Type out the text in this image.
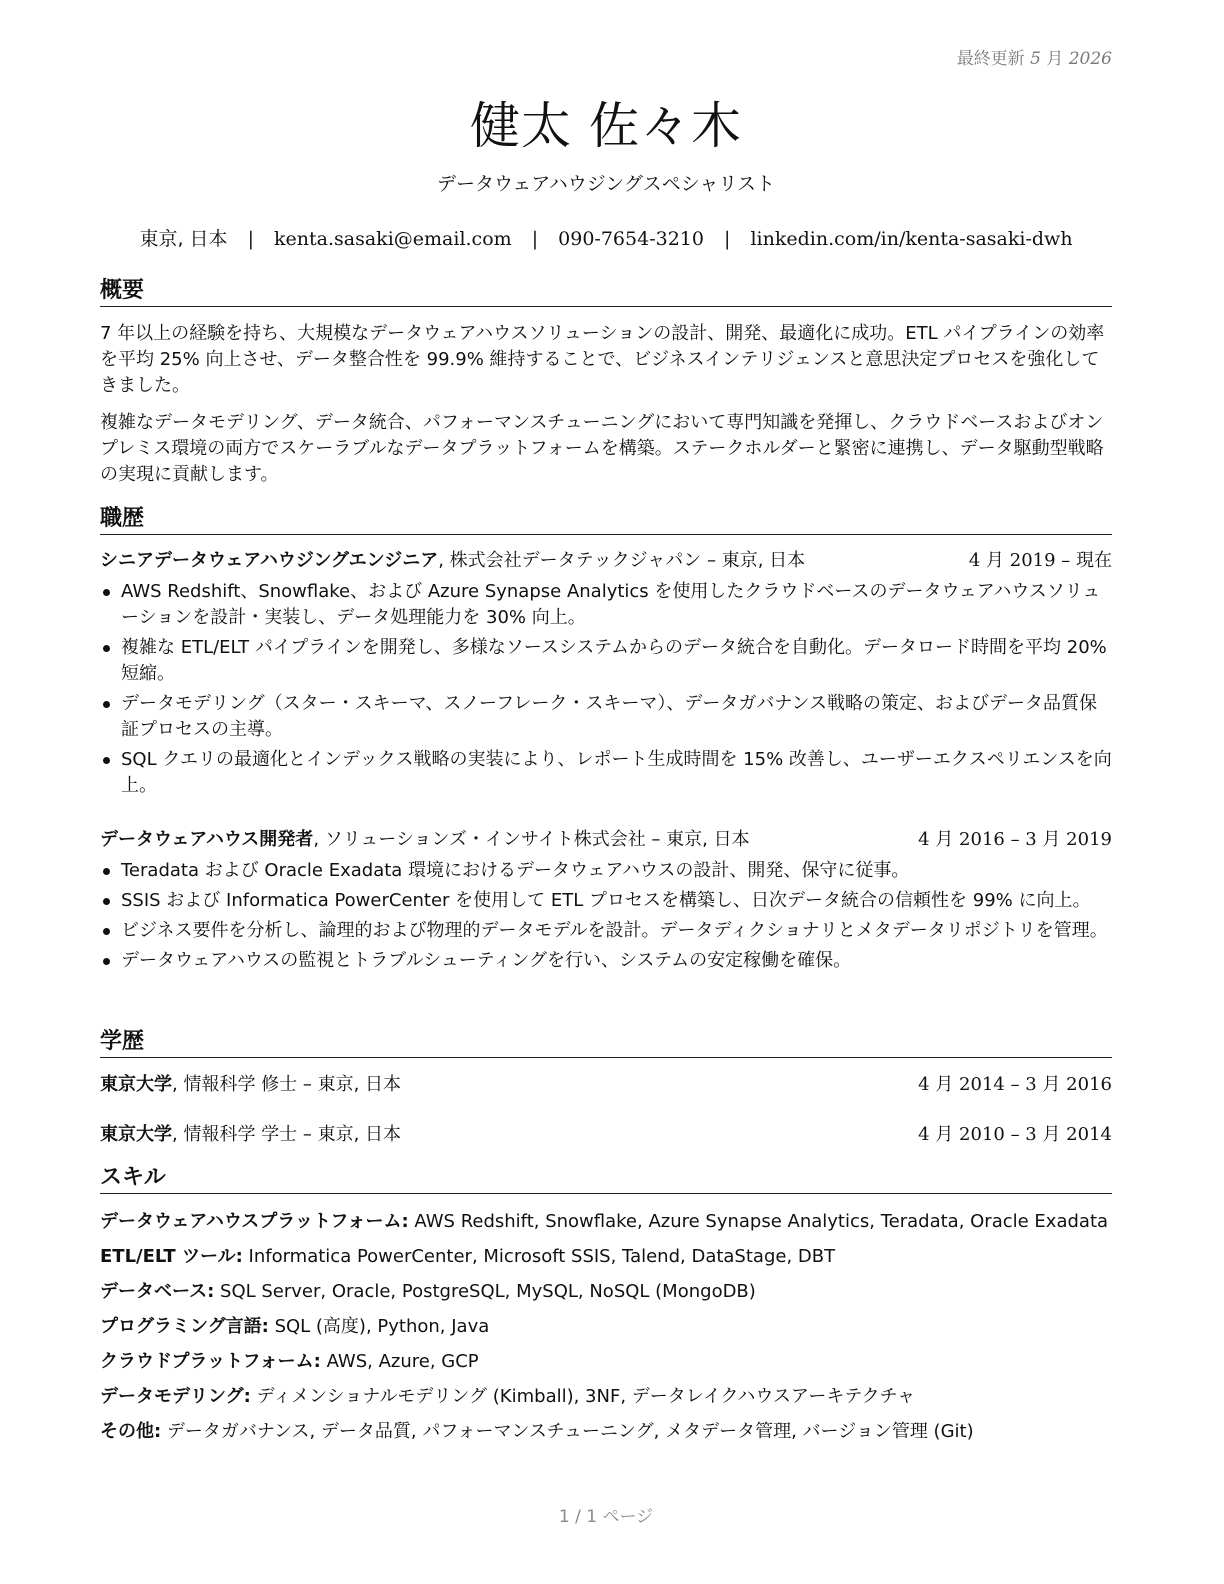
最終更新 5 月 2026
健太 佐々木
データウェアハウジングスペシャリスト
東京, 日本 | kenta.sasaki@email.com | 090-7654-3210 | linkedin.com/in/kenta-sasaki-dwh
概要
7 年以上の経験を持ち、大規模なデータウェアハウスソリューションの設計、開発、最適化に成功。ETL パイプラインの効率を平均 25% 向上させ、データ整合性を 99.9% 維持することで、ビジネスインテリジェンスと意思決定プロセスを強化してきました。
複雑なデータモデリング、データ統合、パフォーマンスチューニングにおいて専門知識を発揮し、クラウドベースおよびオンプレミス環境の両方でスケーラブルなデータプラットフォームを構築。ステークホルダーと緊密に連携し、データ駆動型戦略の実現に貢献します。
職歴
シニアデータウェアハウジングエンジニア, 株式会社データテックジャパン – 東京, 日本	4 月 2019 – 現在
AWS Redshift、Snowflake、および Azure Synapse Analytics を使用したクラウドベースのデータウェアハウスソリューションを設計・実装し、データ処理能力を 30% 向上。
複雑な ETL/ELT パイプラインを開発し、多様なソースシステムからのデータ統合を自動化。データロード時間を平均 20% 短縮。
データモデリング（スター・スキーマ、スノーフレーク・スキーマ）、データガバナンス戦略の策定、およびデータ品質保証プロセスの主導。
SQL クエリの最適化とインデックス戦略の実装により、レポート生成時間を 15% 改善し、ユーザーエクスペリエンスを向上。
データウェアハウス開発者, ソリューションズ・インサイト株式会社 – 東京, 日本	4 月 2016 – 3 月 2019
Teradata および Oracle Exadata 環境におけるデータウェアハウスの設計、開発、保守に従事。
SSIS および Informatica PowerCenter を使用して ETL プロセスを構築し、日次データ統合の信頼性を 99% に向上。
ビジネス要件を分析し、論理的および物理的データモデルを設計。データディクショナリとメタデータリポジトリを管理。
データウェアハウスの監視とトラブルシューティングを行い、システムの安定稼働を確保。
学歴
東京大学, 情報科学 修士 – 東京, 日本	4 月 2014 – 3 月 2016
東京大学, 情報科学 学士 – 東京, 日本	4 月 2010 – 3 月 2014
スキル
データウェアハウスプラットフォーム: AWS Redshift, Snowflake, Azure Synapse Analytics, Teradata, Oracle Exadata
ETL/ELT ツール: Informatica PowerCenter, Microsoft SSIS, Talend, DataStage, DBT
データベース: SQL Server, Oracle, PostgreSQL, MySQL, NoSQL (MongoDB)
プログラミング言語: SQL (高度), Python, Java
クラウドプラットフォーム: AWS, Azure, GCP
データモデリング: ディメンショナルモデリング (Kimball), 3NF, データレイクハウスアーキテクチャ
その他: データガバナンス, データ品質, パフォーマンスチューニング, メタデータ管理, バージョン管理 (Git)
1 / 1 ページ
